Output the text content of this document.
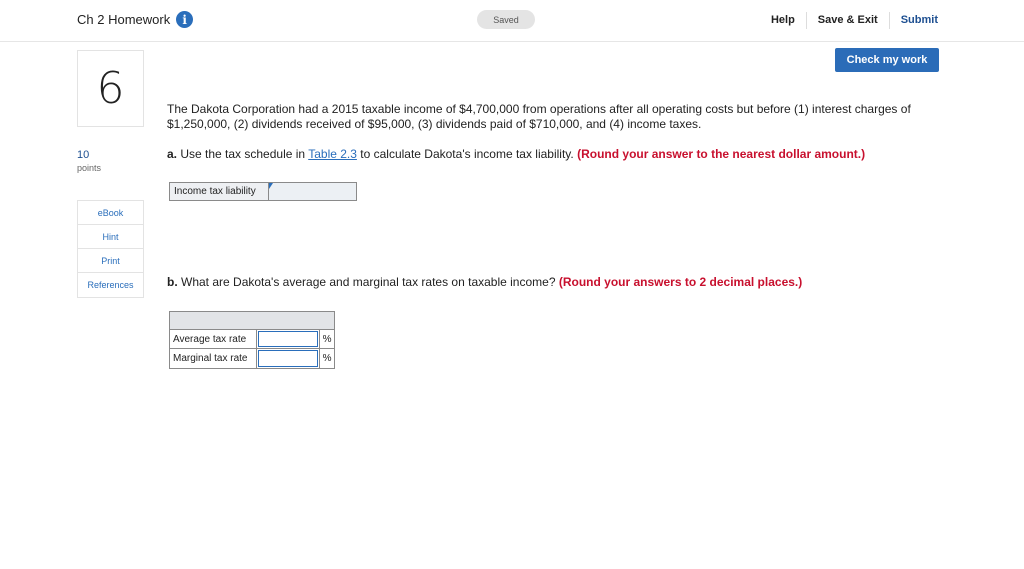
Ch 2 Homework	i	Saved	Help	Save & Exit	Submit
6
10
points
eBook
Hint
Print
References
Check my work
The Dakota Corporation had a 2015 taxable income of $4,700,000 from operations after all operating costs but before (1) interest charges of $1,250,000, (2) dividends received of $95,000, (3) dividends paid of $710,000, and (4) income taxes.
a. Use the tax schedule in Table 2.3 to calculate Dakota's income tax liability. (Round your answer to the nearest dollar amount.)
Income tax liability
b. What are Dakota's average and marginal tax rates on taxable income? (Round your answers to 2 decimal places.)
Average tax rate	%
Marginal tax rate	%
